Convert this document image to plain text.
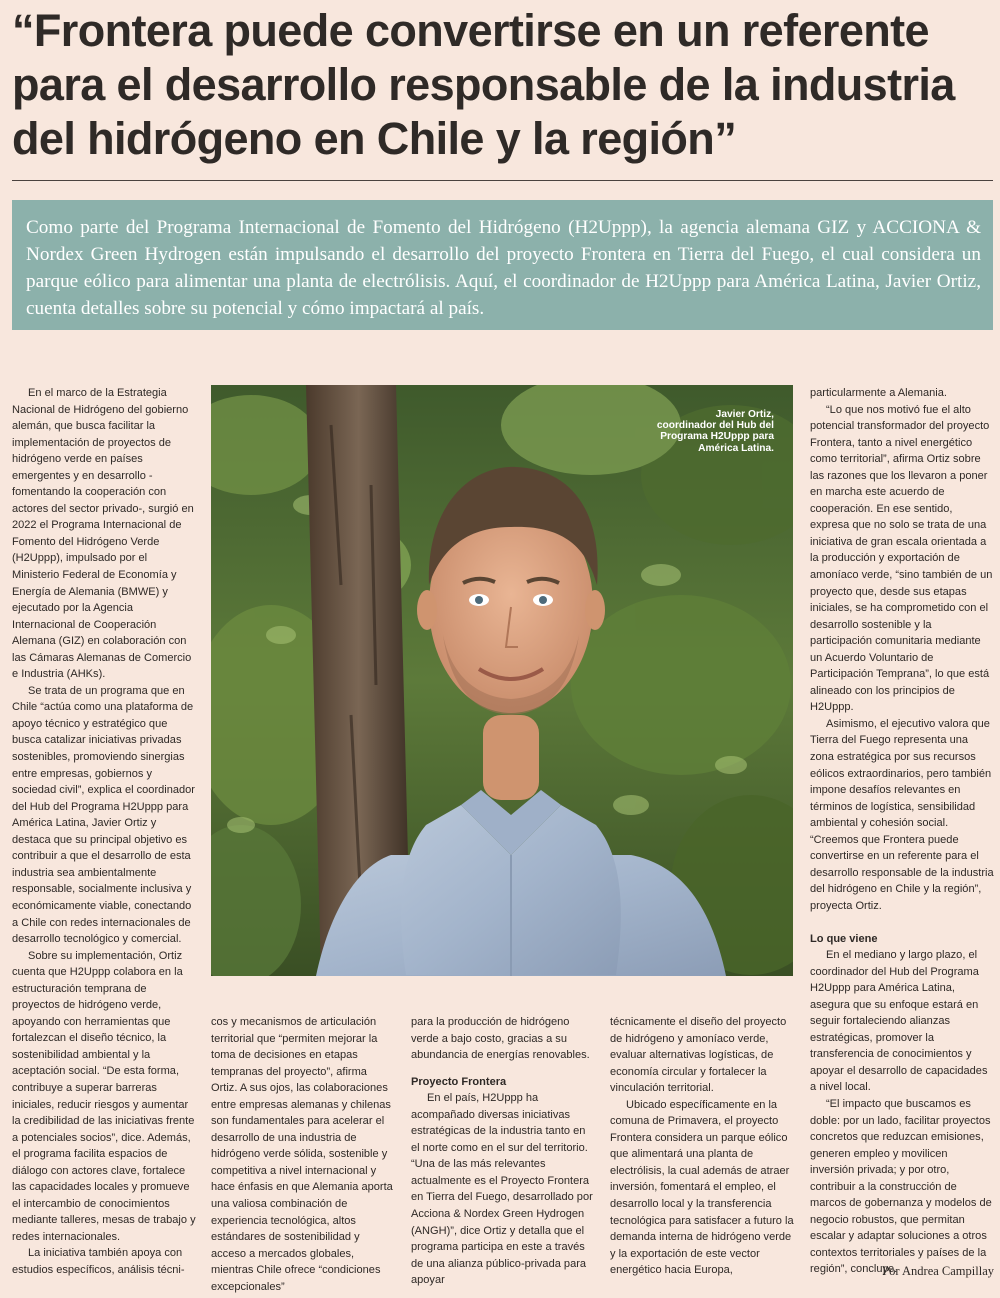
“Frontera puede convertirse en un referente para el desarrollo responsable de la industria del hidrógeno en Chile y la región”

Como parte del Programa Internacional de Fomento del Hidrógeno (H2Uppp), la agencia alemana GIZ y ACCIONA & Nordex Green Hydrogen están impulsando el desarrollo del proyecto Frontera en Tierra del Fuego, el cual considera un parque eólico para alimentar una planta de electrólisis. Aquí, el coordinador de H2Uppp para América Latina, Javier Ortiz, cuenta detalles sobre su potencial y cómo impactará al país.

En el marco de la Estrategia Nacional de Hidrógeno del gobierno alemán, que busca facilitar la implementación de proyectos de hidrógeno verde en países emergentes y en desarrollo -fomentando la cooperación con actores del sector privado-, surgió en 2022 el Programa Internacional de Fomento del Hidrógeno Verde (H2Uppp), impulsado por el Ministerio Federal de Economía y Energía de Alemania (BMWE) y ejecutado por la Agencia Internacional de Cooperación Alemana (GIZ) en colaboración con las Cámaras Alemanas de Comercio e Industria (AHKs).

Se trata de un programa que en Chile “actúa como una plataforma de apoyo técnico y estratégico que busca catalizar iniciativas privadas sostenibles, promoviendo sinergias entre empresas, gobiernos y sociedad civil”, explica el coordinador del Hub del Programa H2Uppp para América Latina, Javier Ortiz y destaca que su principal objetivo es contribuir a que el desarrollo de esta industria sea ambientalmente responsable, socialmente inclusiva y económicamente viable, conectando a Chile con redes internacionales de desarrollo tecnológico y comercial.

Sobre su implementación, Ortiz cuenta que H2Uppp colabora en la estructuración temprana de proyectos de hidrógeno verde, apoyando con herramientas que fortalezcan el diseño técnico, la sostenibilidad ambiental y la aceptación social. “De esta forma, contribuye a superar barreras iniciales, reducir riesgos y aumentar la credibilidad de las iniciativas frente a potenciales socios”, dice. Además, el programa facilita espacios de diálogo con actores clave, fortalece las capacidades locales y promueve el intercambio de conocimientos mediante talleres, mesas de trabajo y redes internacionales.

La iniciativa también apoya con estudios específicos, análisis técni-

Javier Ortiz, coordinador del Hub del Programa H2Uppp para América Latina.

cos y mecanismos de articulación territorial que “permiten mejorar la toma de decisiones en etapas tempranas del proyecto”, afirma Ortiz. A sus ojos, las colaboraciones entre empresas alemanas y chilenas son fundamentales para acelerar el desarrollo de una industria de hidrógeno verde sólida, sostenible y competitiva a nivel internacional y hace énfasis en que Alemania aporta una valiosa combinación de experiencia tecnológica, altos estándares de sostenibilidad y acceso a mercados globales, mientras Chile ofrece “condiciones excepcionales”

para la producción de hidrógeno verde a bajo costo, gracias a su abundancia de energías renovables.

Proyecto Frontera

En el país, H2Uppp ha acompañado diversas iniciativas estratégicas de la industria tanto en el norte como en el sur del territorio. “Una de las más relevantes actualmente es el Proyecto Frontera en Tierra del Fuego, desarrollado por Acciona & Nordex Green Hydrogen (ANGH)”, dice Ortiz y detalla que el programa participa en este a través de una alianza público-privada para apoyar

técnicamente el diseño del proyecto de hidrógeno y amoníaco verde, evaluar alternativas logísticas, de economía circular y fortalecer la vinculación territorial.

Ubicado específicamente en la comuna de Primavera, el proyecto Frontera considera un parque eólico que alimentará una planta de electrólisis, la cual además de atraer inversión, fomentará el empleo, el desarrollo local y la transferencia tecnológica para satisfacer a futuro la demanda interna de hidrógeno verde y la exportación de este vector energético hacia Europa,

particularmente a Alemania.

“Lo que nos motivó fue el alto potencial transformador del proyecto Frontera, tanto a nivel energético como territorial”, afirma Ortiz sobre las razones que los llevaron a poner en marcha este acuerdo de cooperación. En ese sentido, expresa que no solo se trata de una iniciativa de gran escala orientada a la producción y exportación de amoníaco verde, “sino también de un proyecto que, desde sus etapas iniciales, se ha comprometido con el desarrollo sostenible y la participación comunitaria mediante un Acuerdo Voluntario de Participación Temprana”, lo que está alineado con los principios de H2Uppp.

Asimismo, el ejecutivo valora que Tierra del Fuego representa una zona estratégica por sus recursos eólicos extraordinarios, pero también impone desafíos relevantes en términos de logística, sensibilidad ambiental y cohesión social. “Creemos que Frontera puede convertirse en un referente para el desarrollo responsable de la industria del hidrógeno en Chile y la región”, proyecta Ortiz.

Lo que viene

En el mediano y largo plazo, el coordinador del Hub del Programa H2Uppp para América Latina, asegura que su enfoque estará en seguir fortaleciendo alianzas estratégicas, promover la transferencia de conocimientos y apoyar el desarrollo de capacidades a nivel local.

“El impacto que buscamos es doble: por un lado, facilitar proyectos concretos que reduzcan emisiones, generen empleo y movilicen inversión privada; y por otro, contribuir a la construcción de marcos de gobernanza y modelos de negocio robustos, que permitan escalar y adaptar soluciones a otros contextos territoriales y países de la región”, concluye.

Por Andrea Campillay
